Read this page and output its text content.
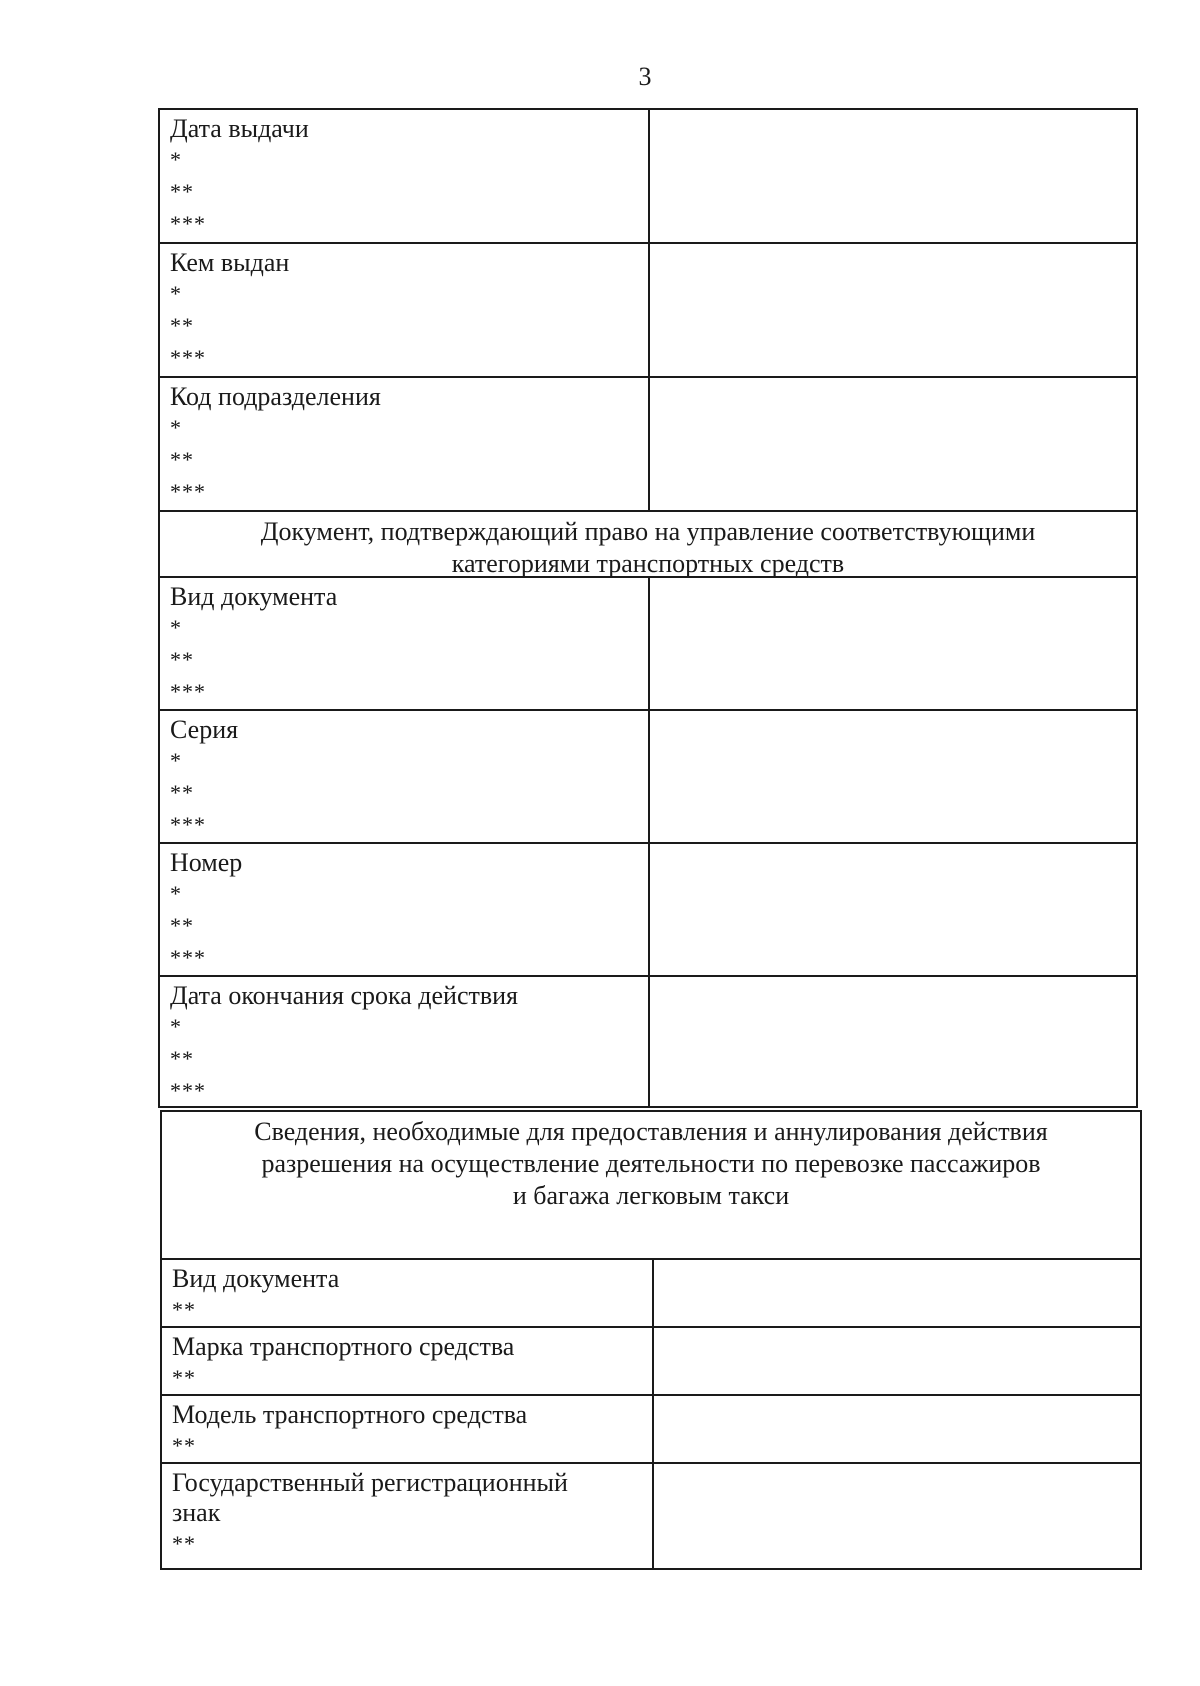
3
Дата выдачи
*
**
***
Кем выдан
*
**
***
Код подразделения
*
**
***
Документ, подтверждающий право на управление соответствующими
категориями транспортных средств
Вид документа
*
**
***
Серия
*
**
***
Номер
*
**
***
Дата окончания срока действия
*
**
***
Сведения, необходимые для предоставления и аннулирования действия
разрешения на осуществление деятельности по перевозке пассажиров
и багажа легковым такси
Вид документа
**
Марка транспортного средства
**
Модель транспортного средства
**
Государственный регистрационный
знак
**
